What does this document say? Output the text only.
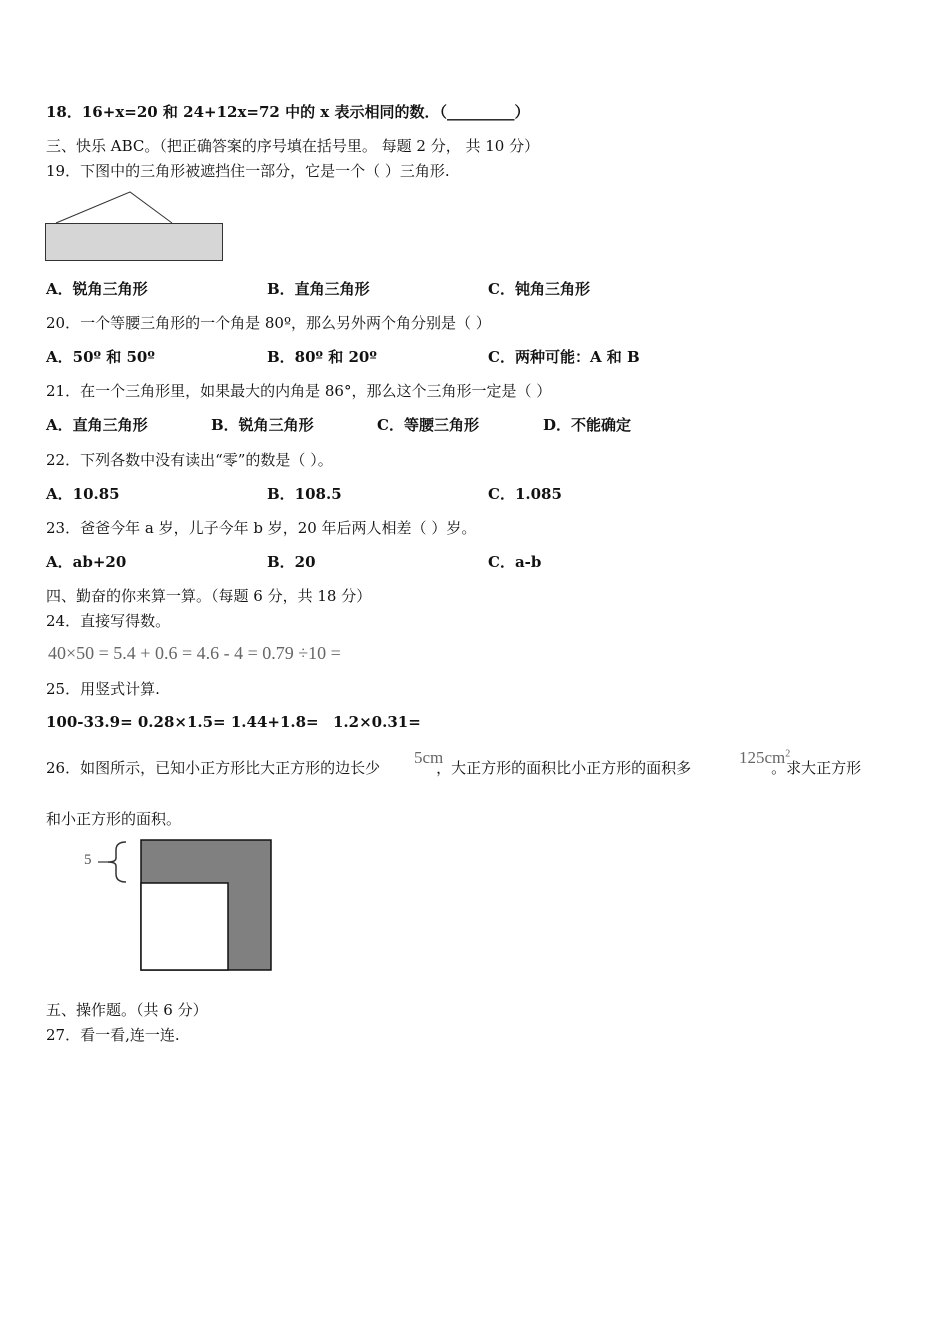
18．16+x=20 和 24+12x=72 中的 x 表示相同的数．（_________）
三、快乐 ABC。（把正确答案的序号填在括号里。 每题 2 分， 共 10 分）
19．下图中的三角形被遮挡住一部分，它是一个（ ）三角形.
A．锐角三角形	B．直角三角形	C．钝角三角形
20．一个等腰三角形的一个角是 80º，那么另外两个角分别是（ ）
A．50º 和 50º	B．80º 和 20º	C．两种可能：A 和 B
21．在一个三角形里，如果最大的内角是 86°，那么这个三角形一定是（ ）
A．直角三角形	B．锐角三角形	C．等腰三角形	D．不能确定
22．下列各数中没有读出“零”的数是（ ）。
A．10.85	B．108.5	C．1.085
23．爸爸今年 a 岁，儿子今年 b 岁，20 年后两人相差（ ）岁。
A．ab+20	B．20	C．a-b
四、勤奋的你来算一算。（每题 6 分，共 18 分）
24．直接写得数。
40×50 = 5.4 + 0.6 = 4.6 - 4 = 0.79 ÷10 =
25．用竖式计算.
100-33.9= 0.28×1.5= 1.44+1.8= 1.2×0.31=
26．如图所示，已知小正方形比大正方形的边长少	，大正方形的面积比小正方形的面积多	。求大正方形
5cm	$125cm^2$
和小正方形的面积。
5
五、操作题。（共 6 分）
27．看一看,连一连.
